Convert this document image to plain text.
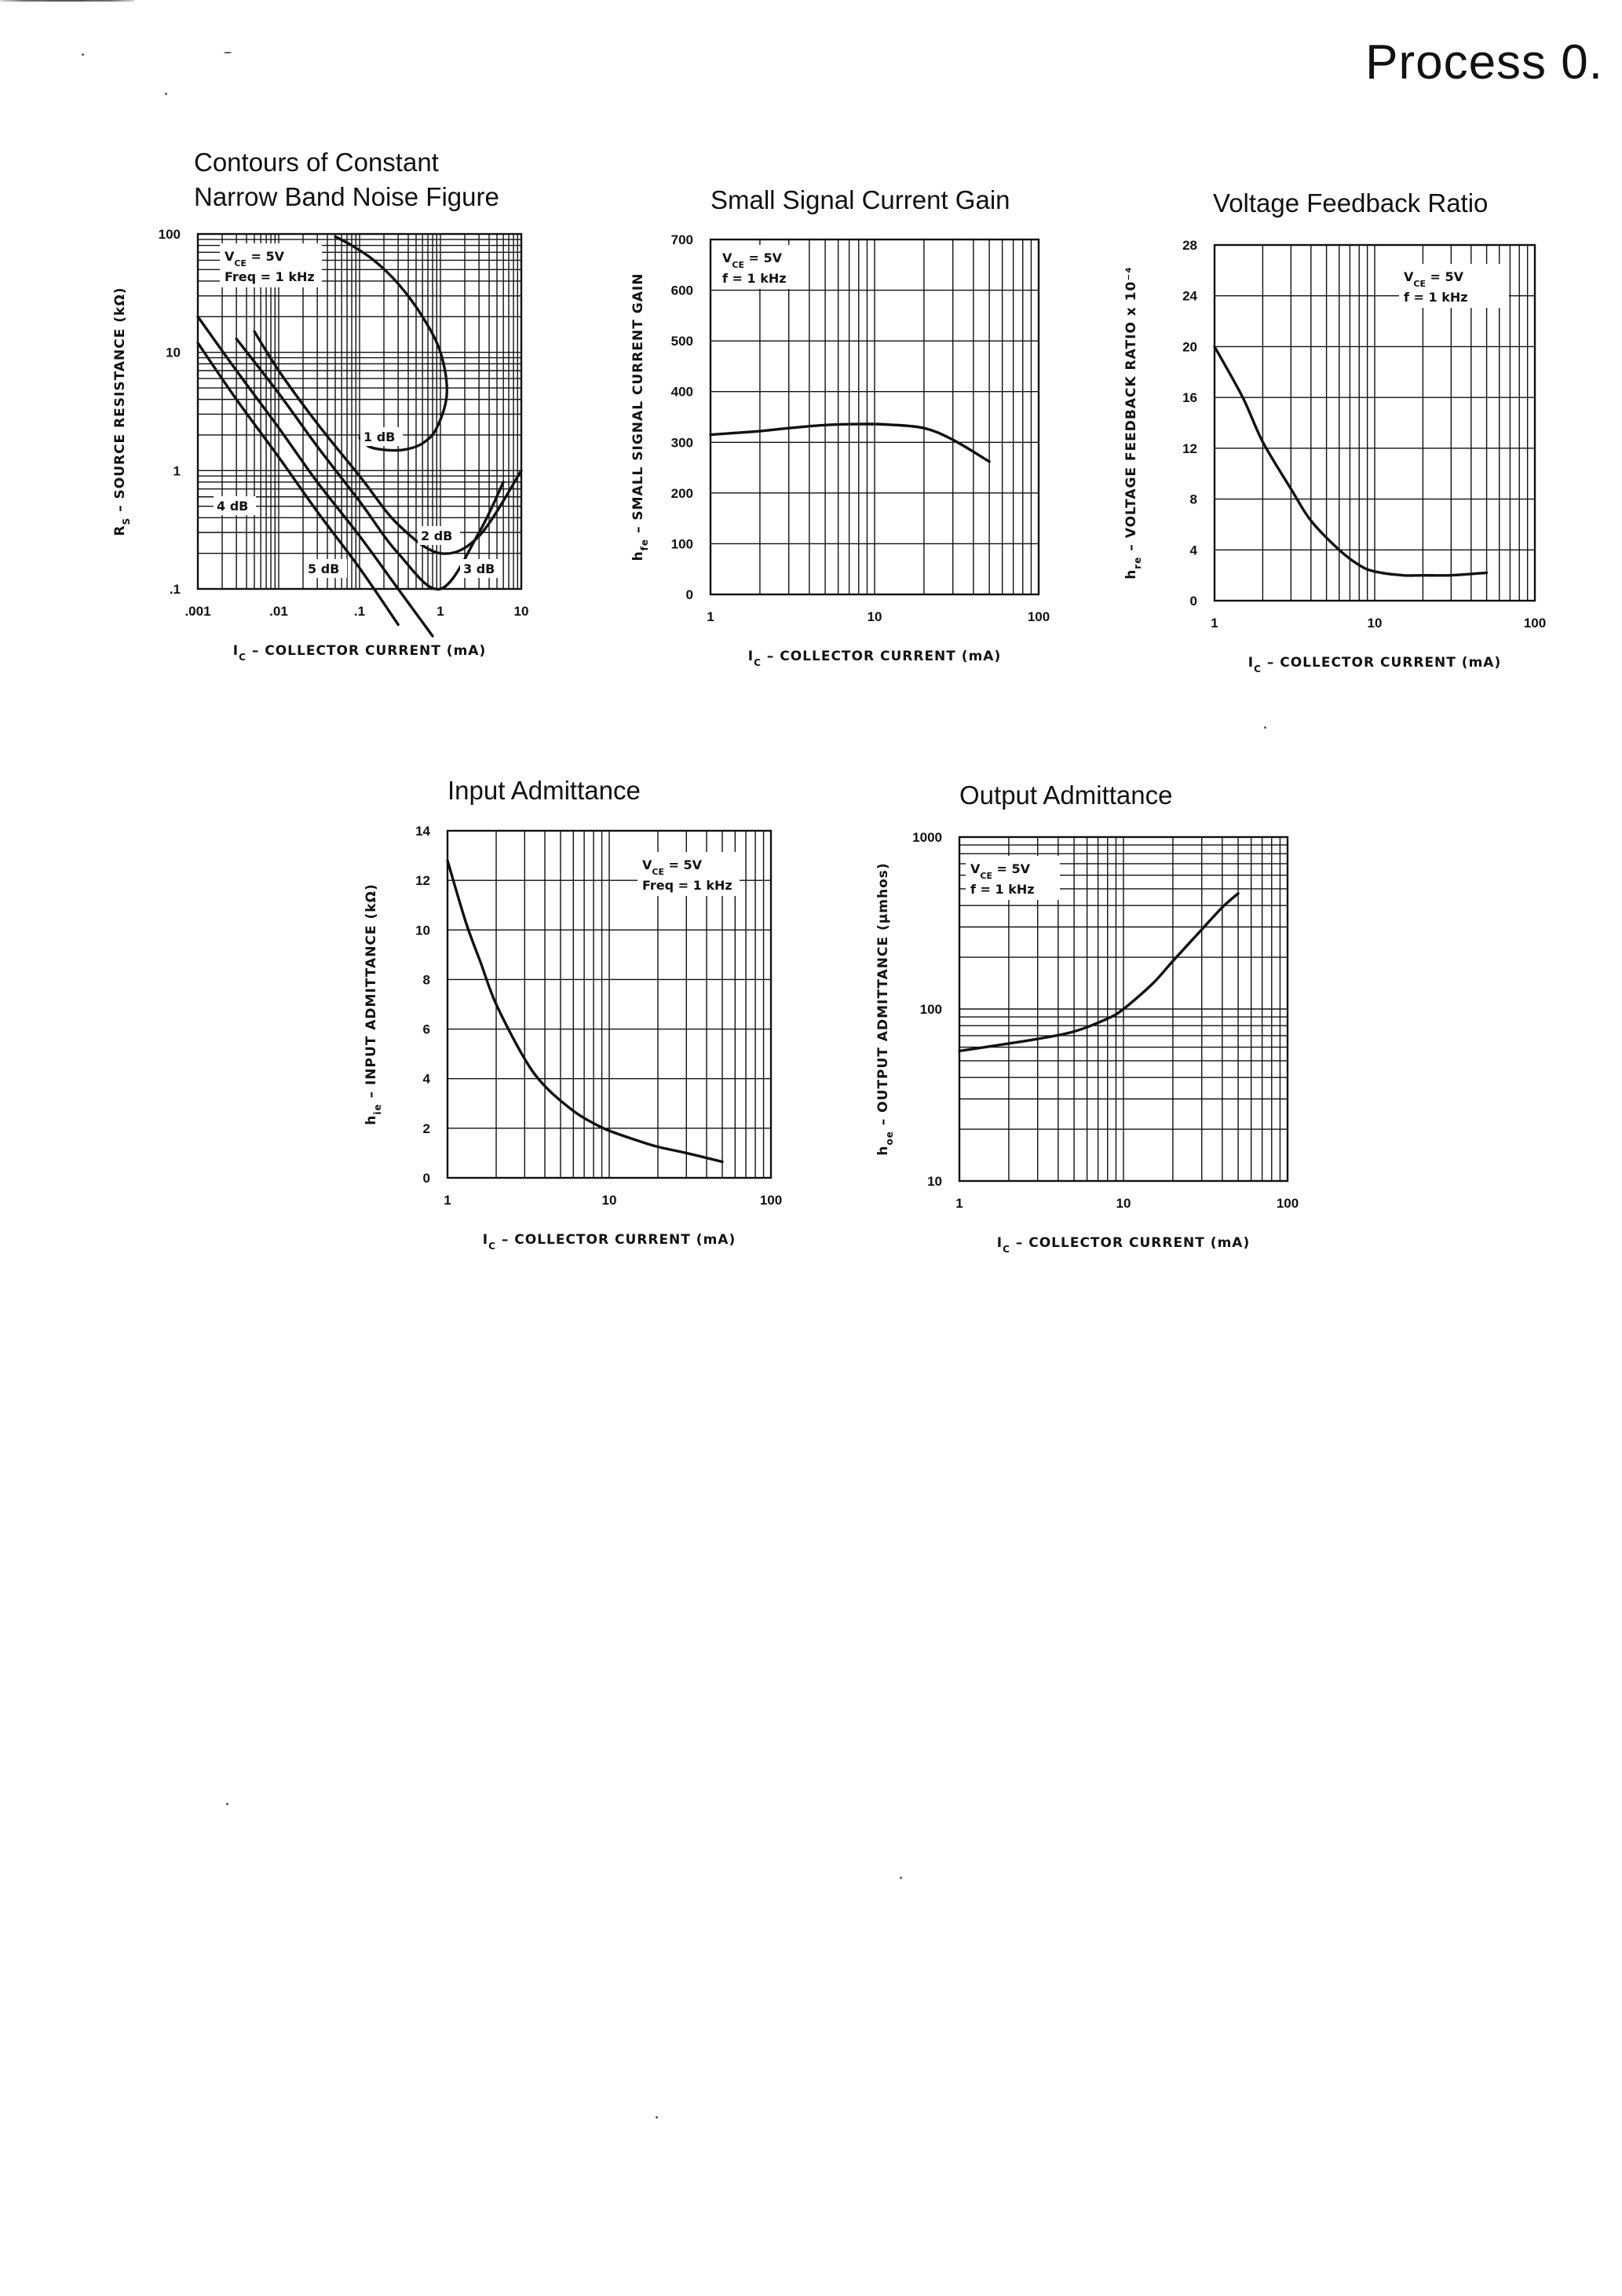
Process 0.
Contours of Constant
Narrow Band Noise Figure
.001	.01	.1	1	10
.1
1
10
100
$I_C$ – COLLECTOR CURRENT (mA)
$R_S$ – SOURCE RESISTANCE (kΩ)
$V_{CE} = 5V$
Freq = 1 kHz
1 dB
2 dB
3 dB
4 dB
5 dB
Small Signal Current Gain
1	10	100
0
100
200
300
400
500
600
700
$I_C$ – COLLECTOR CURRENT (mA)
$h_{fe}$ – SMALL SIGNAL CURRENT GAIN
$V_{CE} = 5V$
f = 1 kHz
Voltage Feedback Ratio
1	10	100
0
4
8
12
16
20
24
28
$I_C$ – COLLECTOR CURRENT (mA)
$h_{re}$ – VOLTAGE FEEDBACK RATIO x 10⁻⁴	$V_{CE} = 5V$
f = 1 kHz
Input Admittance
1	10	100
0
2
4
6
8
10
12
14
$I_C$ – COLLECTOR CURRENT (mA)
$h_{ie}$ – INPUT ADMITTANCE (kΩ)
$V_{CE} = 5V$
Freq = 1 kHz
Output Admittance
1	10	100
10
100
1000
$I_C$ – COLLECTOR CURRENT (mA)
$h_{oe}$ – OUTPUT ADMITTANCE (μmhos)	$V_{CE} = 5V$
f = 1 kHz
